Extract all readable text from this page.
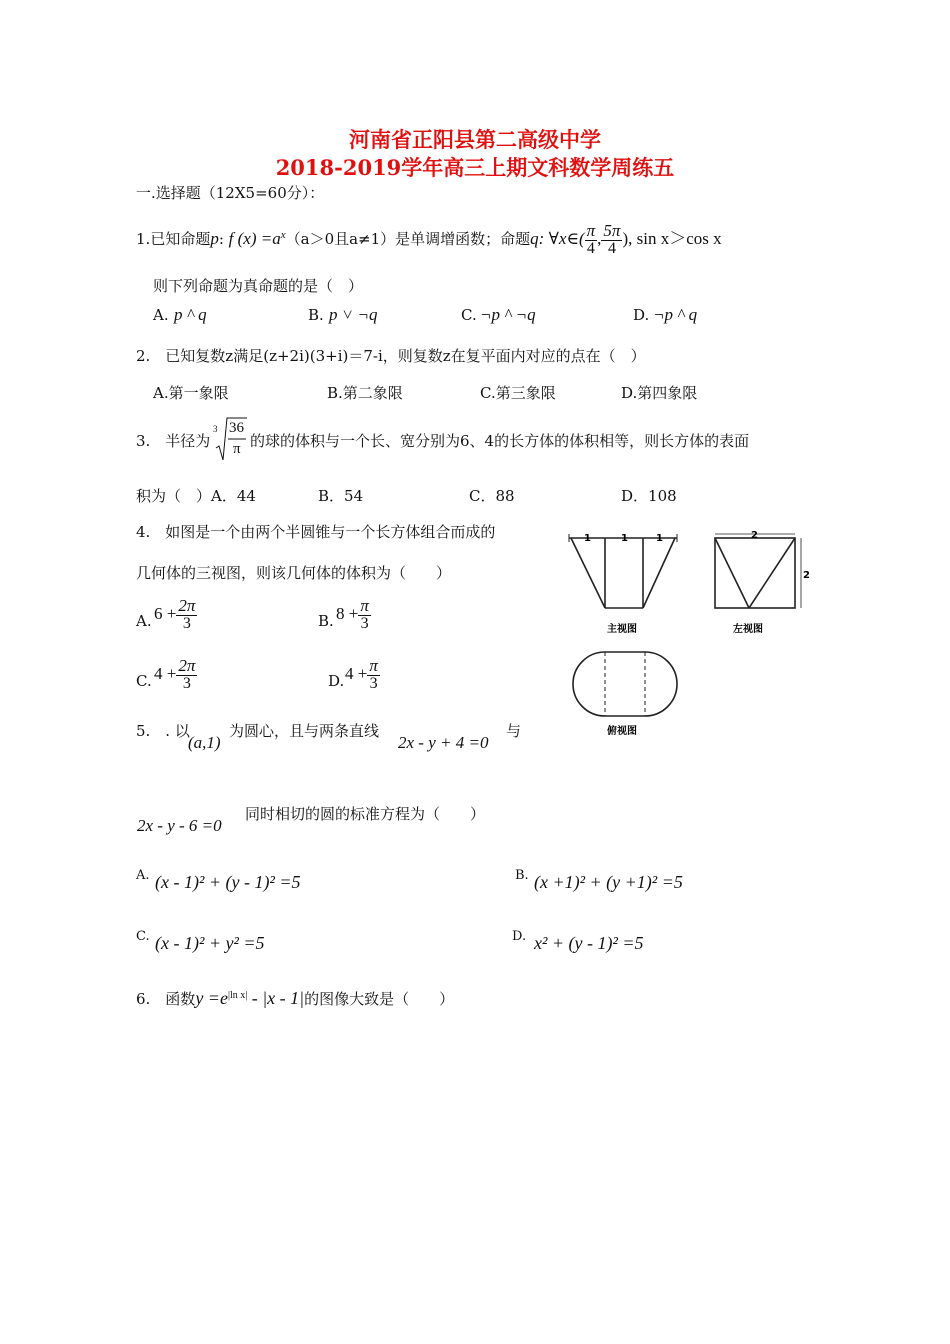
河南省正阳县第二高级中学
2018-2019学年高三上期文科数学周练五
一.选择题（12X5=60分）：
1.已知命题p: f $(x) =a^x(a>0$且a≠1）是单调增函数；命题q: ∀x∈( $\frac{\pi}{4}$ , $\frac{5\pi}{4}$ ), sin x＞cos x
则下列命题为真命题的是（　）
A. p ^ q	B. p ˅ ¬q	C. ¬p ^ ¬q	D. ¬p ^ q
2.　已知复数z满足(z+2i)(3+i)＝7-i，则复数z在复平面内对应的点在（　）
A.第一象限	B.第二象限	C.第三象限	D.第四象限
3.　半径为
3 36
π 的球的体积与一个长、宽分别为6、4的长方体的体积相等，则长方体的表面
积为（　）A．44	B．54	C．88	D．108
4.　如图是一个由两个半圆锥与一个长方体组合而成的
几何体的三视图，则该几何体的体积为（　　）
A. $6 + \frac{2\pi}{3}$	B. $8 + \frac{\pi}{3}$
C. $4 + \frac{2\pi}{3}$	D. $4 + \frac{\pi}{3}$
1	1	1
主视图
2
2
左视图
俯视图
5.　. 以
(a,1)
为圆心，且与两条直线
2x - y + 4 =0
与
2x - y - 6 =0
同时相切的圆的标准方程为（　　）
A. (x - 1)² + (y - 1)² =5	B. (x +1)² + (y +1)² =5
C. (x - 1)² + y² =5	D. x² + (y - 1)² =5
6.　函数$y =e^{|ln x|} - |x - 1|$的图像大致是（　　）
